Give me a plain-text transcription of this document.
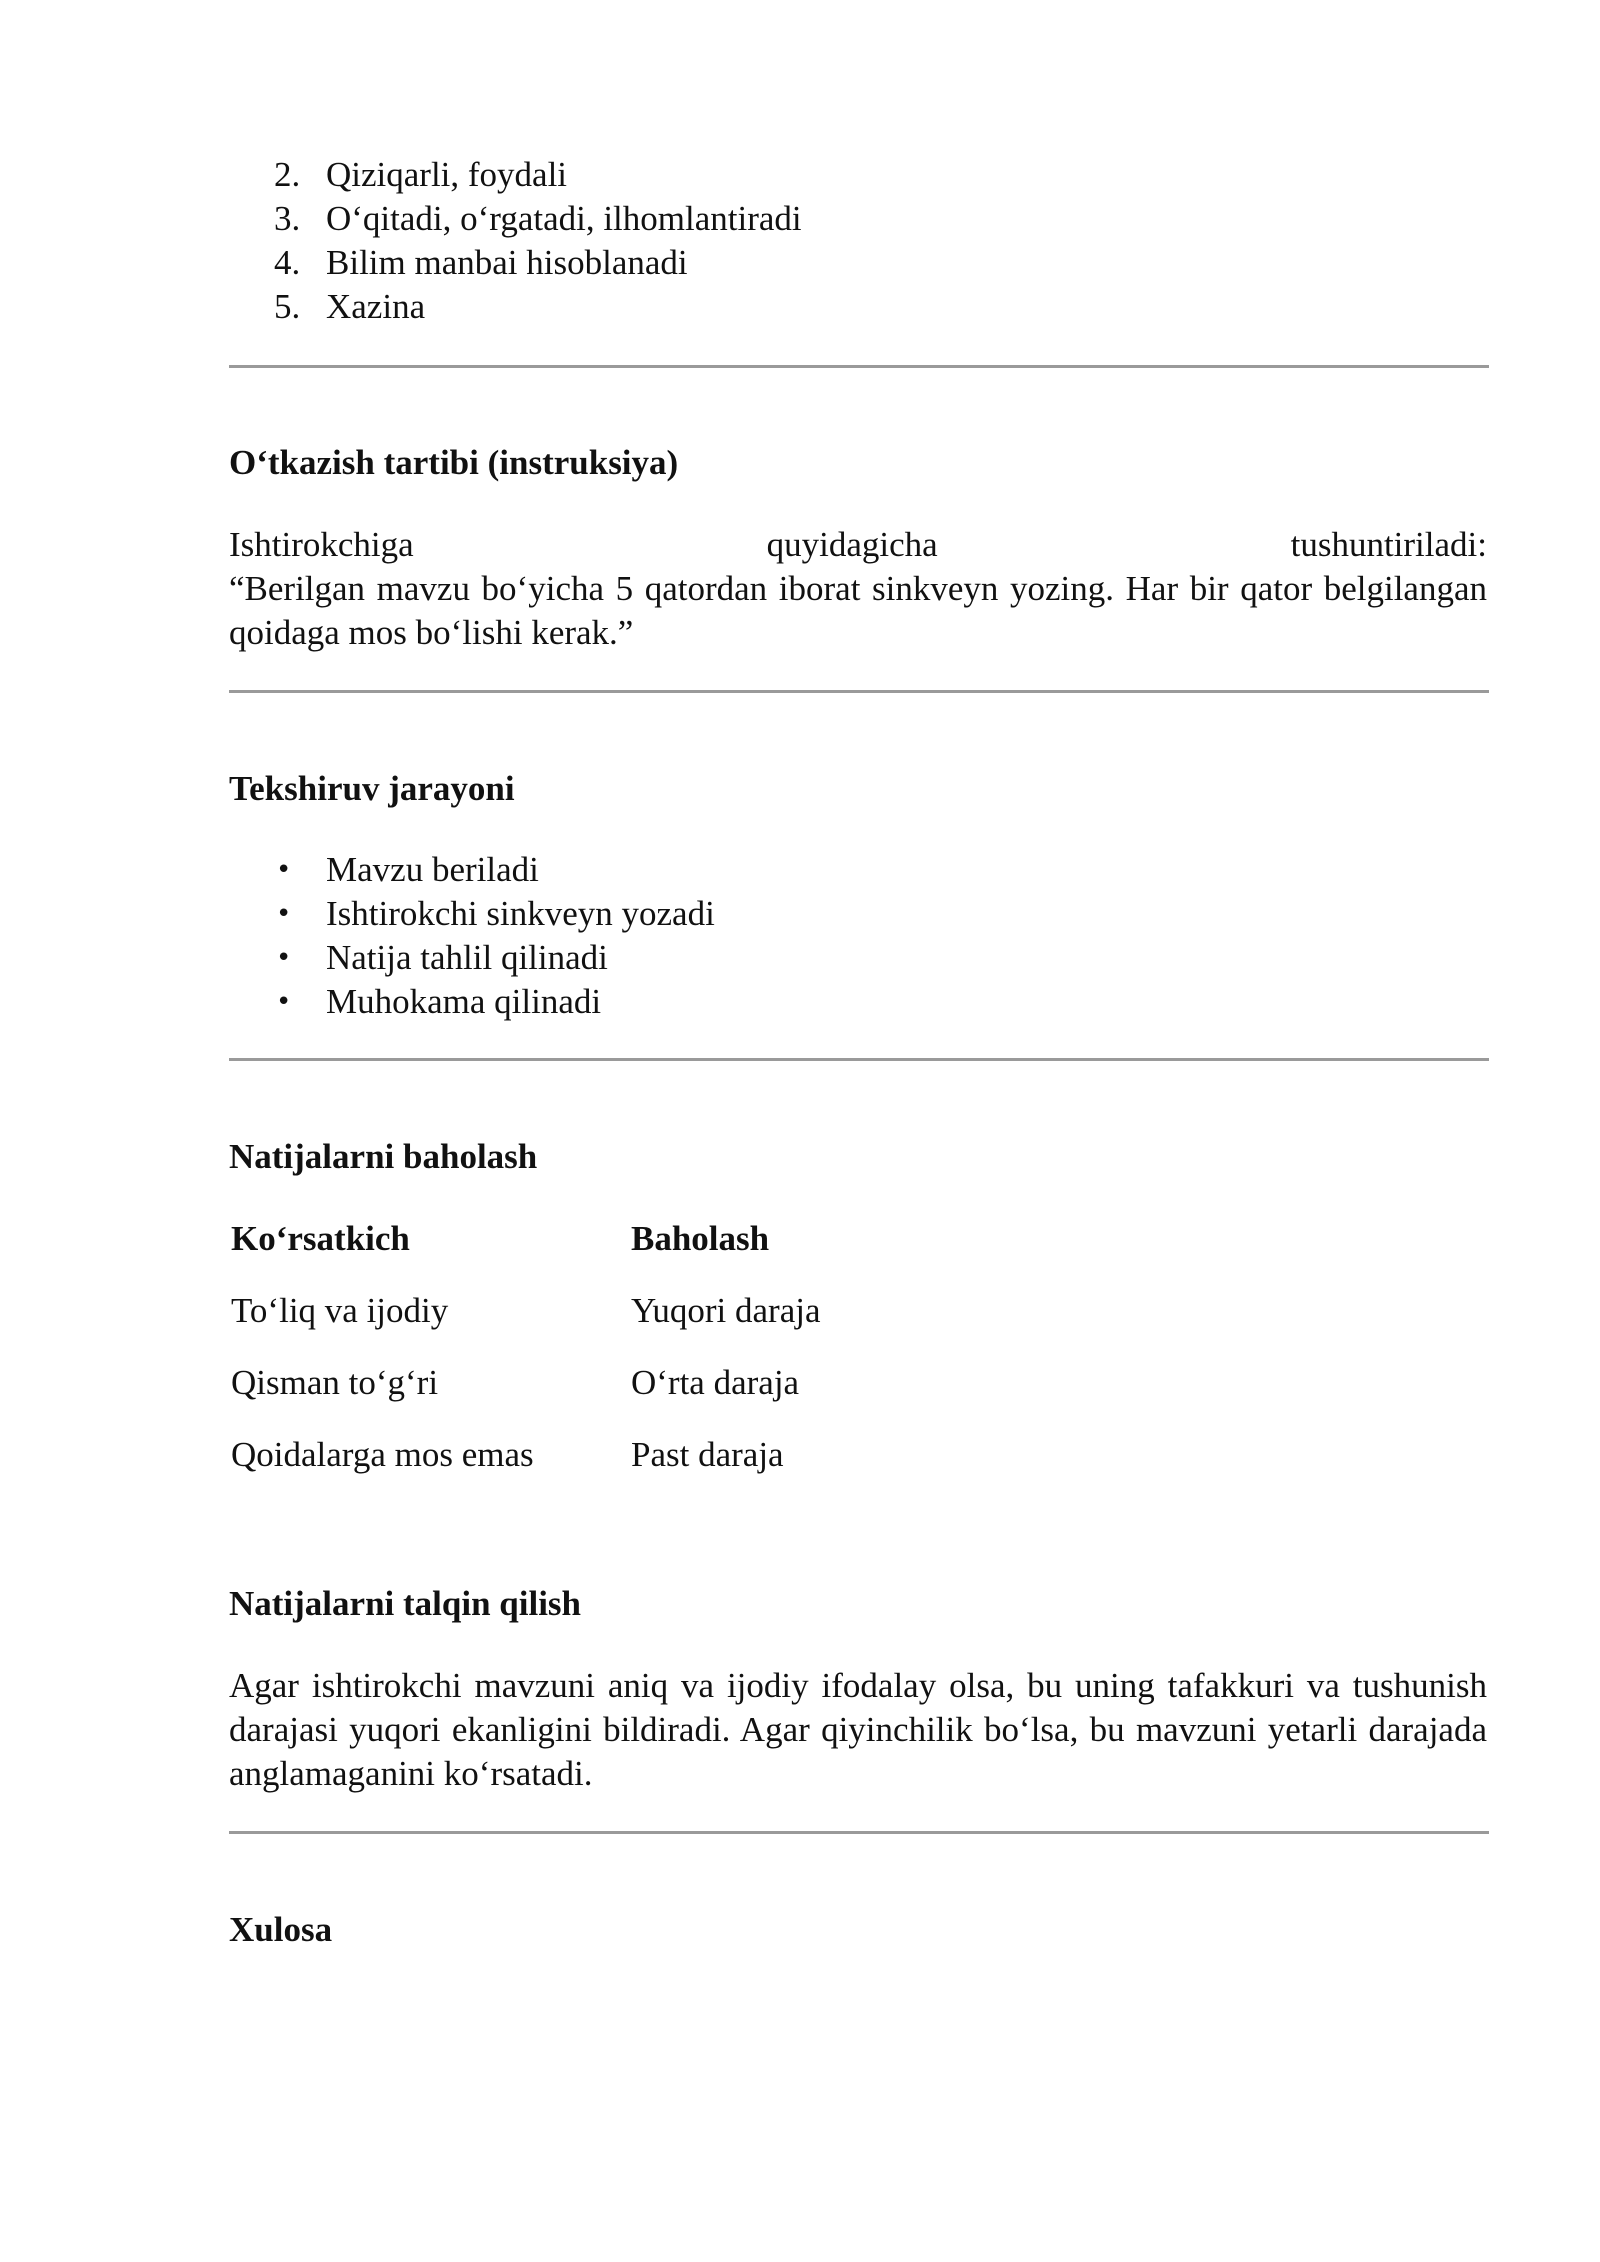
2. Qiziqarli, foydali
3. O‘qitadi, o‘rgatadi, ilhomlantiradi
4. Bilim manbai hisoblanadi
5. Xazina
O‘tkazish tartibi (instruksiya)
Ishtirokchiga	quyidagicha	tushuntiriladi:
“Berilgan mavzu bo‘yicha 5 qatordan iborat sinkveyn yozing. Har bir qator belgilangan qoidaga mos bo‘lishi kerak.”
Tekshiruv jarayoni
• Mavzu beriladi
• Ishtirokchi sinkveyn yozadi
• Natija tahlil qilinadi
• Muhokama qilinadi
Natijalarni baholash
Ko‘rsatkich	Baholash
To‘liq va ijodiy	Yuqori daraja
Qisman to‘g‘ri	O‘rta daraja
Qoidalarga mos emas	Past daraja
Natijalarni talqin qilish
Agar ishtirokchi mavzuni aniq va ijodiy ifodalay olsa, bu uning tafakkuri va tushunish darajasi yuqori ekanligini bildiradi. Agar qiyinchilik bo‘lsa, bu mavzuni yetarli darajada anglamaganini ko‘rsatadi.
Xulosa
